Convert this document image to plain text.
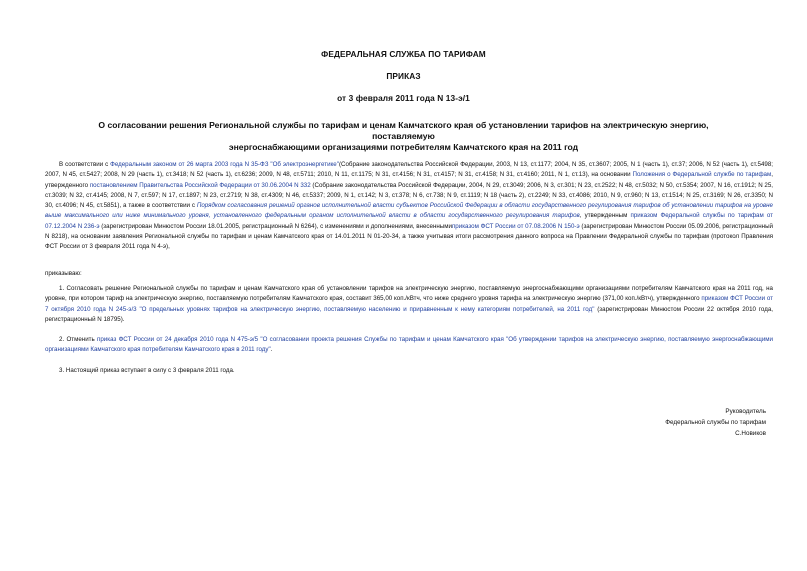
ФЕДЕРАЛЬНАЯ СЛУЖБА ПО ТАРИФАМ
ПРИКАЗ
от 3 февраля 2011 года N 13-э/1
О согласовании решения Региональной службы по тарифам и ценам Камчатского края об установлении тарифов на электрическую энергию, поставляемую
энергоснабжающими организациями потребителям Камчатского края на 2011 год
В соответствии с Федеральным законом от 26 марта 2003 года N 35-ФЗ "Об электроэнергетике"(Собрание законодательства Российской Федерации, 2003, N 13, ст.1177; 2004, N 35, ст.3607; 2005, N 1 (часть 1), ст.37; 2006, N 52 (часть 1), ст.5498; 2007, N 45, ст.5427; 2008, N 29 (часть 1), ст.3418; N 52 (часть 1), ст.6236; 2009, N 48, ст.5711; 2010, N 11, ст.1175; N 31, ст.4156; N 31, ст.4157; N 31, ст.4158; N 31, ст.4160; 2011, N 1, ст.13), на основании Положения о Федеральной службе по тарифам, утвержденного постановлением Правительства Российской Федерации от 30.06.2004 N 332 (Собрание законодательства Российской Федерации, 2004, N 29, ст.3049; 2006, N 3, ст.301; N 23, ст.2522; N 48, ст.5032; N 50, ст.5354; 2007, N 16, ст.1912; N 25, ст.3039; N 32, ст.4145; 2008, N 7, ст.597; N 17, ст.1897; N 23, ст.2719; N 38, ст.4309; N 46, ст.5337; 2009, N 1, ст.142; N 3, ст.378; N 6, ст.738; N 9, ст.1119; N 18 (часть 2), ст.2249; N 33, ст.4086; 2010, N 9, ст.960; N 13, ст.1514; N 25, ст.3169; N 26, ст.3350; N 30, ст.4096; N 45, ст.5851), а также в соответствии с Порядком согласования решений органов исполнительной власти субъектов Российской Федерации в области государственного регулирования тарифов об установлении тарифов на уровне выше максимального или ниже минимального уровня, установленного федеральным органом исполнительной власти в области государственного регулирования тарифов, утвержденным приказом Федеральной службы по тарифам от 07.12.2004 N 236-э (зарегистрирован Минюстом России 18.01.2005, регистрационный N 6264), с изменениями и дополнениями, внесеннымиприказом ФСТ России от 07.08.2006 N 150-э (зарегистрирован Минюстом России 05.09.2006, регистрационный N 8218), на основании заявления Региональной службы по тарифам и ценам Камчатского края от 14.01.2011 N 01-20-34, а также учитывая итоги рассмотрения данного вопроса на Правлении Федеральной службы по тарифам (протокол Правления ФСТ России от 3 февраля 2011 года N 4-э),
приказываю:
1. Согласовать решение Региональной службы по тарифам и ценам Камчатского края об установлении тарифов на электрическую энергию, поставляемую энергоснабжающими организациями потребителям Камчатского края на 2011 год, на уровне, при котором тариф на электрическую энергию, поставляемую потребителям Камчатского края, составит 365,00 коп./кВтч, что ниже среднего уровня тарифа на электрическую энергию (371,00 коп./кВтч), утвержденного приказом ФСТ России от 7 октября 2010 года N 245-э/3 "О предельных уровнях тарифов на электрическую энергию, поставляемую населению и приравненным к нему категориям потребителей, на 2011 год" (зарегистрирован Минюстом России 22 октября 2010 года, регистрационный N 18795).
2. Отменить приказ ФСТ России от 24 декабря 2010 года N 475-э/5 "О согласовании проекта решения Службы по тарифам и ценам Камчатского края "Об утверждении тарифов на электрическую энергию, поставляемую энергоснабжающими организациями Камчатского края потребителям Камчатского края в 2011 году".
3. Настоящий приказ вступает в силу с 3 февраля 2011 года.
Руководитель
Федеральной службы по тарифам
С.Новиков
